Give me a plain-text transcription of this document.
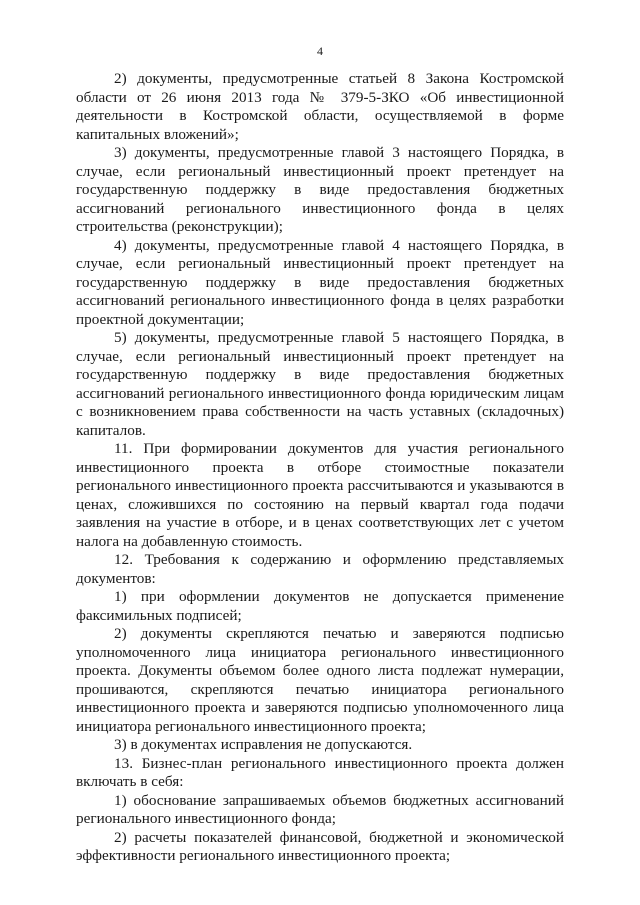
4

2) документы, предусмотренные статьей 8 Закона Костромской области от 26 июня 2013 года № 379-5-ЗКО «Об инвестиционной деятельности в Костромской области, осуществляемой в форме капитальных вложений»;

3) документы, предусмотренные главой 3 настоящего Порядка, в случае, если региональный инвестиционный проект претендует на государственную поддержку в виде предоставления бюджетных ассигнований регионального инвестиционного фонда в целях строительства (реконструкции);

4) документы, предусмотренные главой 4 настоящего Порядка, в случае, если региональный инвестиционный проект претендует на государственную поддержку в виде предоставления бюджетных ассигнований регионального инвестиционного фонда в целях разработки проектной документации;

5) документы, предусмотренные главой 5 настоящего Порядка, в случае, если региональный инвестиционный проект претендует на государственную поддержку в виде предоставления бюджетных ассигнований регионального инвестиционного фонда юридическим лицам с возникновением права собственности на часть уставных (складочных) капиталов.

11. При формировании документов для участия регионального инвестиционного проекта в отборе стоимостные показатели регионального инвестиционного проекта рассчитываются и указываются в ценах, сложившихся по состоянию на первый квартал года подачи заявления на участие в отборе, и в ценах соответствующих лет с учетом налога на добавленную стоимость.

12. Требования к содержанию и оформлению представляемых документов:

1) при оформлении документов не допускается применение факсимильных подписей;

2) документы скрепляются печатью и заверяются подписью уполномоченного лица инициатора регионального инвестиционного проекта. Документы объемом более одного листа подлежат нумерации, прошиваются, скрепляются печатью инициатора регионального инвестиционного проекта и заверяются подписью уполномоченного лица инициатора регионального инвестиционного проекта;

3) в документах исправления не допускаются.

13. Бизнес-план регионального инвестиционного проекта должен включать в себя:

1) обоснование запрашиваемых объемов бюджетных ассигнований регионального инвестиционного фонда;

2) расчеты показателей финансовой, бюджетной и экономической эффективности регионального инвестиционного проекта;
